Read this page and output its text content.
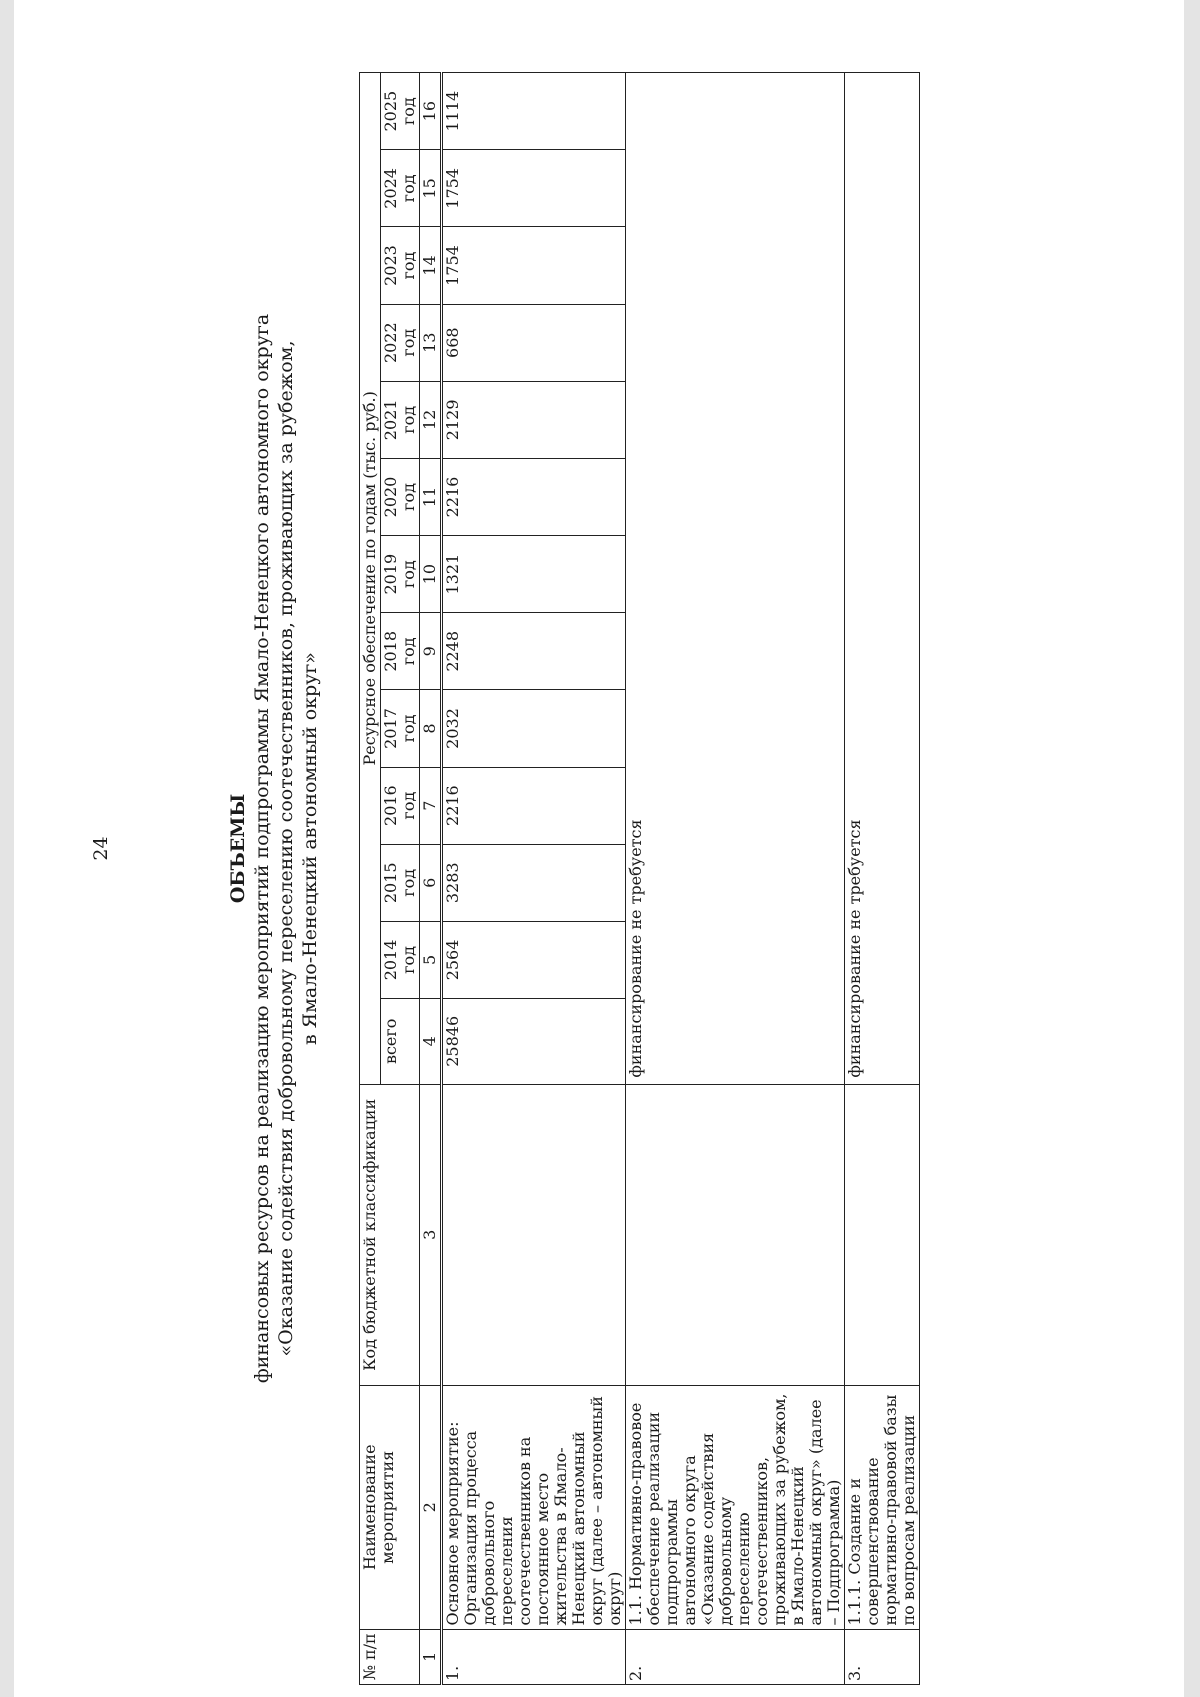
24	ОБЪЕМЫ финансовых ресурсов на реализацию мероприятий подпрограммы Ямало-Ненецкого автономного округа «Оказание содействия добровольному переселению соотечественников, проживающих за рубежом, в Ямало-Ненецкий автономный округ»
№ п/п	Наименование мероприятия	Код бюджетной классификации	Ресурсное обеспечение по годам (тыс. руб.)												
			всего	2014 год	2015 год	2016 год	2017 год	2018 год	2019 год	2020 год	2021 год	2022 год	2023 год	2024 год	2025 год
1	2	3	4	5	6	7	8	9	10	11	12	13	14	15	16
1.	Основное мероприятие: Организация процесса добровольного переселения соотечественников на постоянное место жительства в Ямало-Ненецкий автономный округ (далее – автономный округ)		25846	2564	3283	2216	2032	2248	1321	2216	2129	668	1754	1754	1114
2.	1.1. Нормативно-правовое обеспечение реализации подпрограммы автономного округа «Оказание содействия добровольному переселению соотечественников, проживающих за рубежом, в Ямало-Ненецкий автономный округ» (далее – Подпрограмма)		финансирование не требуется												
3.	1.1.1. Создание и совершенствование нормативно-правовой базы по вопросам реализации		финансирование не требуется												
